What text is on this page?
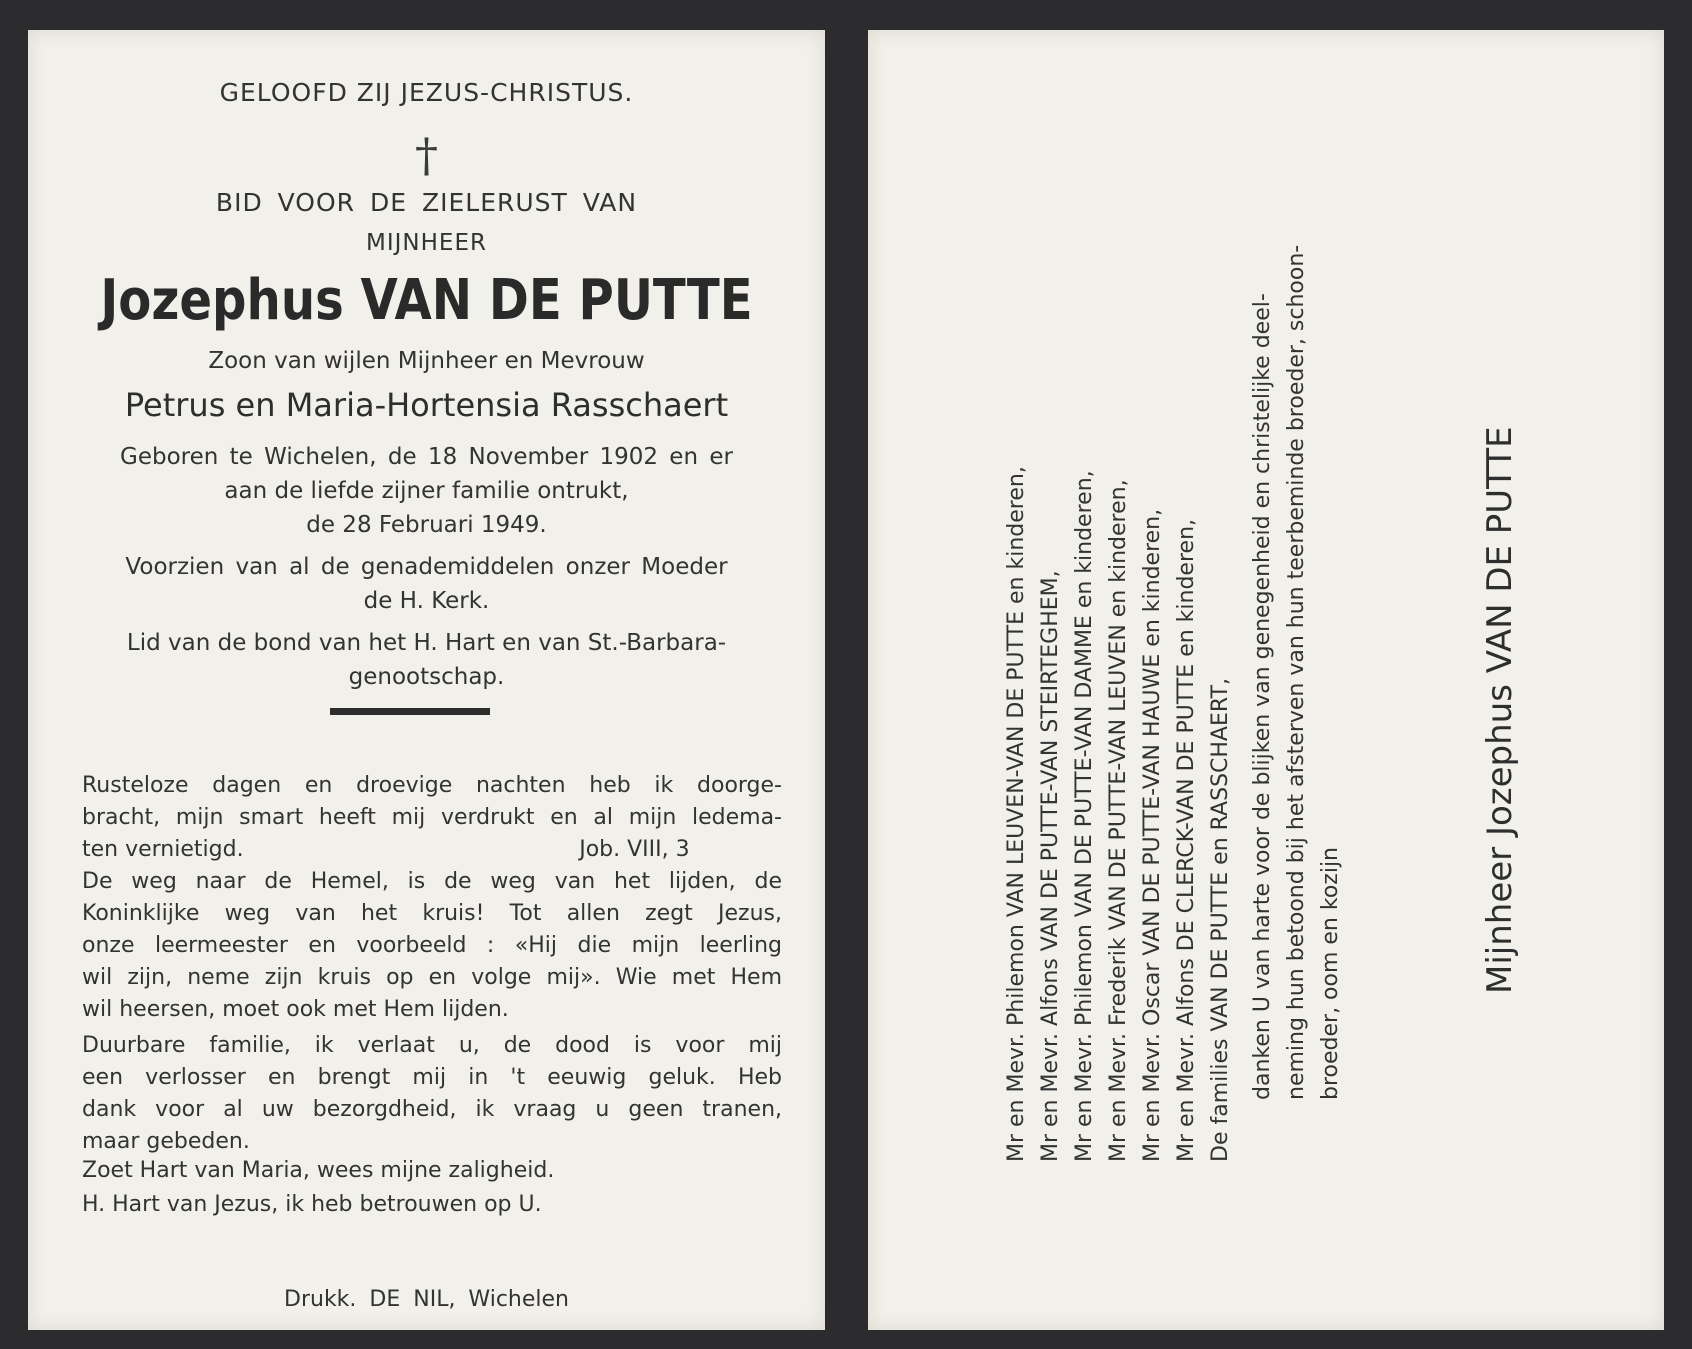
GELOOFD ZIJ JEZUS-CHRISTUS.
†
BID VOOR DE ZIELERUST VAN
MIJNHEER
Jozephus VAN DE PUTTE
Zoon van wijlen Mijnheer en Mevrouw
Petrus en Maria-Hortensia Rasschaert
Geboren te Wichelen, de 18 November 1902 en er
aan de liefde zijner familie ontrukt,
de 28 Februari 1949.
Voorzien van al de genademiddelen onzer Moeder
de H. Kerk.
Lid van de bond van het H. Hart en van St.-Barbara-
genootschap.
Rusteloze dagen en droevige nachten heb ik doorge-
bracht, mijn smart heeft mij verdrukt en al mijn ledema-
ten vernietigd.                                                Job. VIII, 3
De weg naar de Hemel, is de weg van het lijden, de
Koninklijke weg van het kruis! Tot allen zegt Jezus,
onze leermeester en voorbeeld : «Hij die mijn leerling
wil zijn, neme zijn kruis op en volge mij». Wie met Hem
wil heersen, moet ook met Hem lijden.
Duurbare familie, ik verlaat u, de dood is voor mij
een verlosser en brengt mij in 't eeuwig geluk. Heb
dank voor al uw bezorgdheid, ik vraag u geen tranen,
maar gebeden.
Zoet Hart van Maria, wees mijne zaligheid.
H. Hart van Jezus, ik heb betrouwen op U.
Drukk. DE NIL, Wichelen
Mr en Mevr. Philemon VAN LEUVEN-VAN DE PUTTE en kinderen, Mr en Mevr. Alfons VAN DE PUTTE-VAN STEIRTEGHEM, Mr en Mevr. Philemon VAN DE PUTTE-VAN DAMME en kinderen, Mr en Mevr. Frederik VAN DE PUTTE-VAN LEUVEN en kinderen, Mr en Mevr. Oscar VAN DE PUTTE-VAN HAUWE en kinderen, Mr en Mevr. Alfons DE CLERCK-VAN DE PUTTE en kinderen, De families VAN DE PUTTE en RASSCHAERT, danken U van harte voor de blijken van genegenheid en christelijke deel- neming hun betoond bij het afsterven van hun teerbeminde broeder, schoon- broeder, oom en kozijn	Mijnheer Jozephus VAN DE PUTTE
